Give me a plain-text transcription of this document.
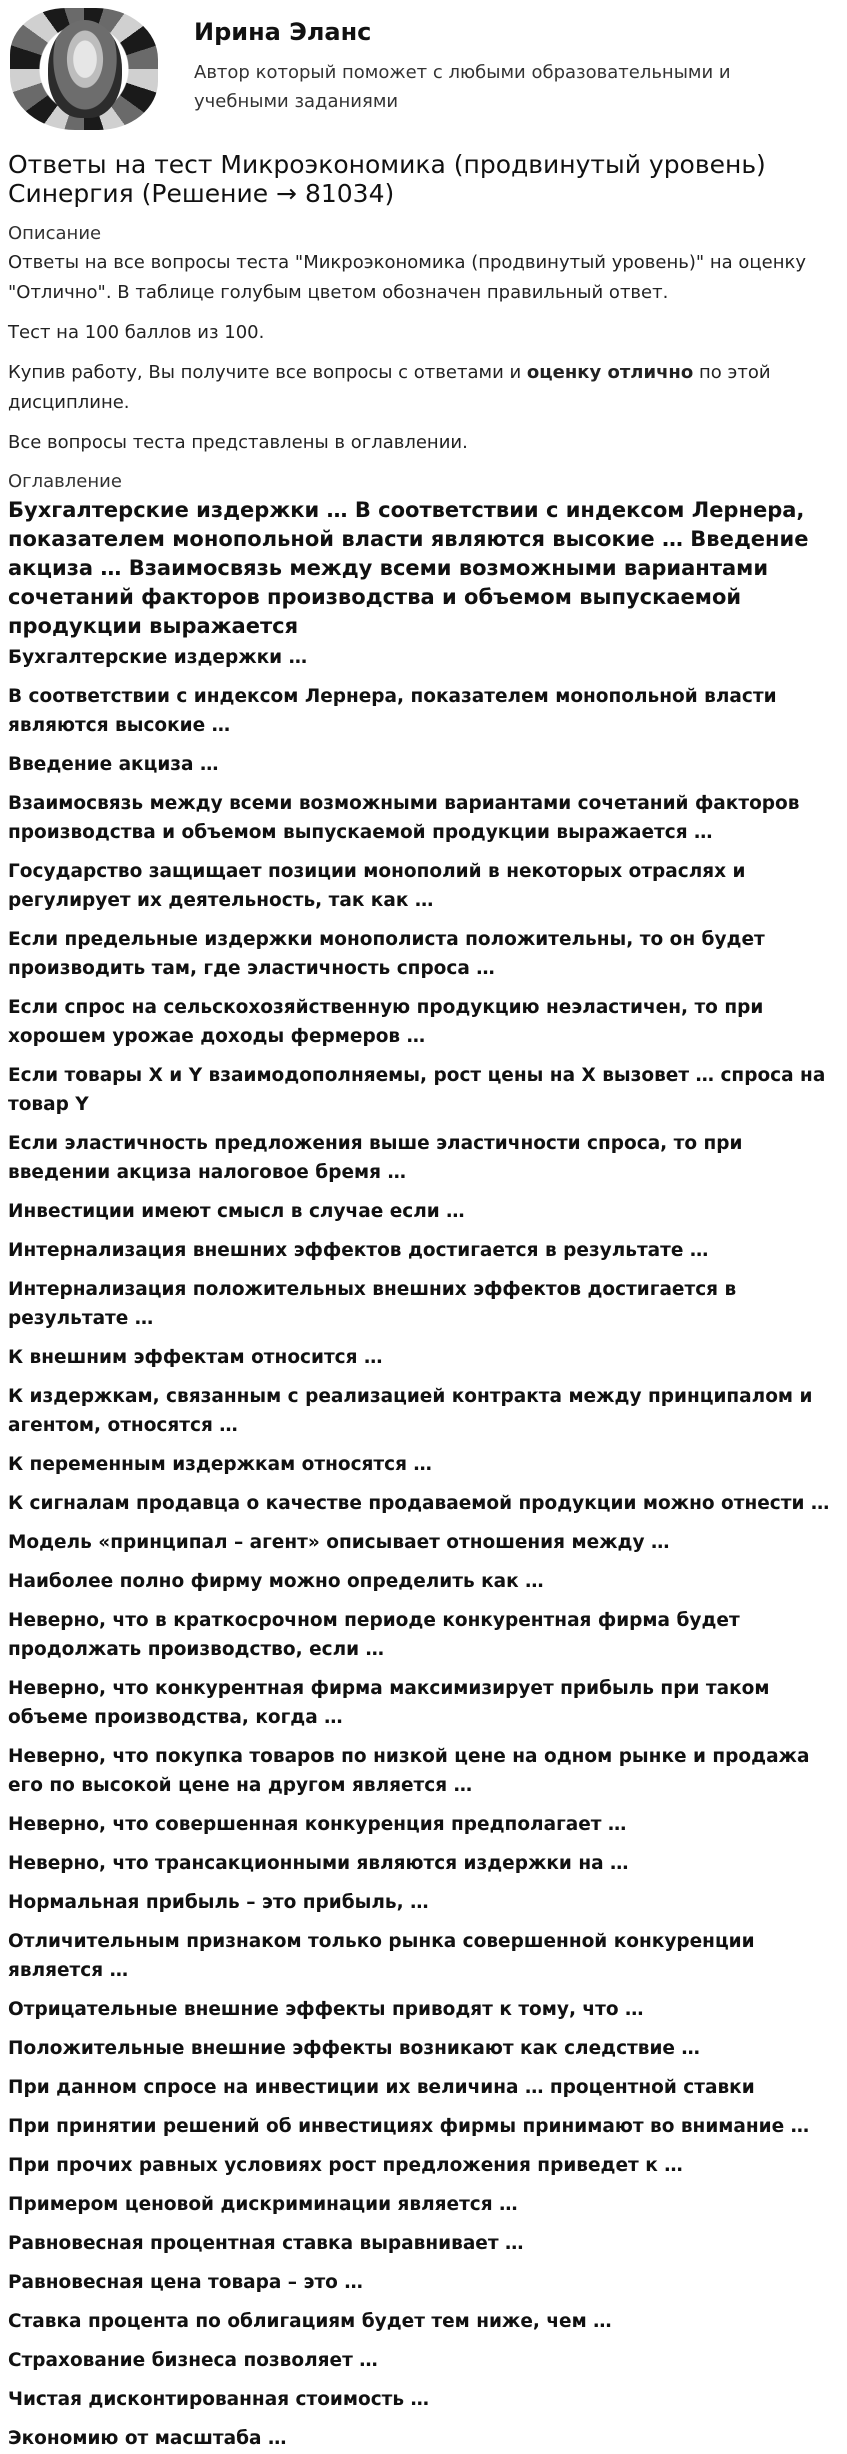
Ирина Эланс
Автор который поможет с любыми образовательными и учебными заданиями
Ответы на тест Микроэкономика (продвинутый уровень) Синергия (Решение → 81034)
Описание

Ответы на все вопросы теста "Микроэкономика (продвинутый уровень)" на оценку "Отлично". В таблице голубым цветом обозначен правильный ответ.

Тест на 100 баллов из 100.

Купив работу, Вы получите все вопросы с ответами и оценку отлично по этой дисциплине.

Все вопросы теста представлены в оглавлении.

Оглавление
Бухгалтерские издержки … В соответствии с индексом Лернера, показателем монопольной власти являются высокие … Введение акциза … Взаимосвязь между всеми возможными вариантами сочетаний факторов производства и объемом выпускаемой продукции выражается
Бухгалтерские издержки …
В соответствии с индексом Лернера, показателем монопольной власти являются высокие …
Введение акциза …
Взаимосвязь между всеми возможными вариантами сочетаний факторов производства и объемом выпускаемой продукции выражается …
Государство защищает позиции монополий в некоторых отраслях и регулирует их деятельность, так как …
Если предельные издержки монополиста положительны, то он будет производить там, где эластичность спроса …
Если спрос на сельскохозяйственную продукцию неэластичен, то при хорошем урожае доходы фермеров …
Если товары X и Y взаимодополняемы, рост цены на X вызовет … спроса на товар Y
Если эластичность предложения выше эластичности спроса, то при введении акциза налоговое бремя …
Инвестиции имеют смысл в случае если …
Интернализация внешних эффектов достигается в результате …
Интернализация положительных внешних эффектов достигается в результате …
К внешним эффектам относится …
К издержкам, связанным с реализацией контракта между принципалом и агентом, относятся …
К переменным издержкам относятся …
К сигналам продавца о качестве продаваемой продукции можно отнести …
Модель «принципал – агент» описывает отношения между …
Наиболее полно фирму можно определить как …
Неверно, что в краткосрочном периоде конкурентная фирма будет продолжать производство, если …
Неверно, что конкурентная фирма максимизирует прибыль при таком объеме производства, когда …
Неверно, что покупка товаров по низкой цене на одном рынке и продажа его по высокой цене на другом является …
Неверно, что совершенная конкуренция предполагает …
Неверно, что трансакционными являются издержки на …
Нормальная прибыль – это прибыль, …
Отличительным признаком только рынка совершенной конкуренции является …
Отрицательные внешние эффекты приводят к тому, что …
Положительные внешние эффекты возникают как следствие …
При данном спросе на инвестиции их величина … процентной ставки
При принятии решений об инвестициях фирмы принимают во внимание …
При прочих равных условиях рост предложения приведет к …
Примером ценовой дискриминации является …
Равновесная процентная ставка выравнивает …
Равновесная цена товара – это …
Ставка процента по облигациям будет тем ниже, чем …
Страхование бизнеса позволяет …
Чистая дисконтированная стоимость …
Экономию от масштаба …
